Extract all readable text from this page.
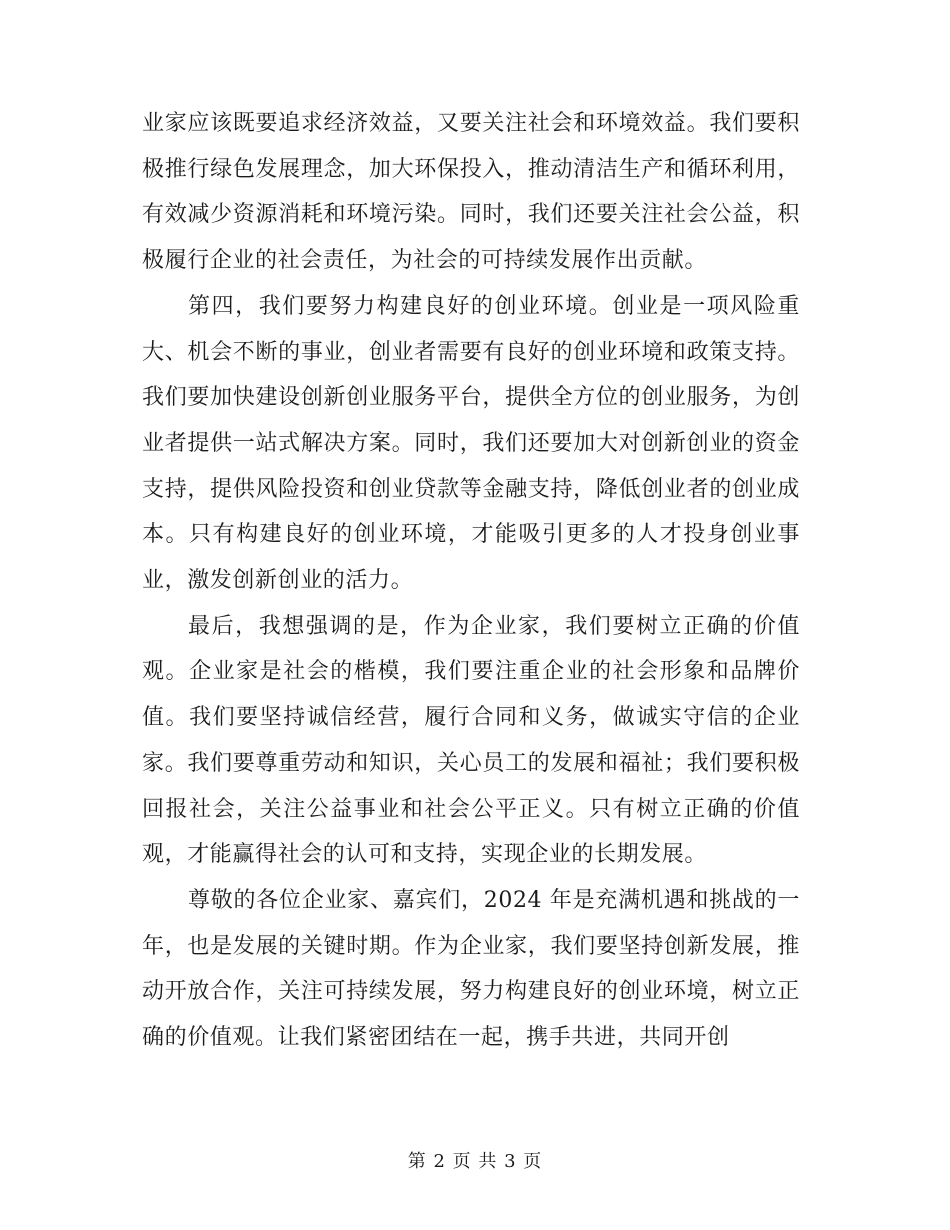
业家应该既要追求经济效益，又要关注社会和环境效益。我们要积极推行绿色发展理念，加大环保投入，推动清洁生产和循环利用，有效减少资源消耗和环境污染。同时，我们还要关注社会公益，积极履行企业的社会责任，为社会的可持续发展作出贡献。

第四，我们要努力构建良好的创业环境。创业是一项风险重大、机会不断的事业，创业者需要有良好的创业环境和政策支持。我们要加快建设创新创业服务平台，提供全方位的创业服务，为创业者提供一站式解决方案。同时，我们还要加大对创新创业的资金支持，提供风险投资和创业贷款等金融支持，降低创业者的创业成本。只有构建良好的创业环境，才能吸引更多的人才投身创业事业，激发创新创业的活力。

最后，我想强调的是，作为企业家，我们要树立正确的价值观。企业家是社会的楷模，我们要注重企业的社会形象和品牌价值。我们要坚持诚信经营，履行合同和义务，做诚实守信的企业家。我们要尊重劳动和知识，关心员工的发展和福祉；我们要积极回报社会，关注公益事业和社会公平正义。只有树立正确的价值观，才能赢得社会的认可和支持，实现企业的长期发展。

尊敬的各位企业家、嘉宾们，2024 年是充满机遇和挑战的一年，也是发展的关键时期。作为企业家，我们要坚持创新发展，推动开放合作，关注可持续发展，努力构建良好的创业环境，树立正确的价值观。让我们紧密团结在一起，携手共进，共同开创

第 2 页 共 3 页
